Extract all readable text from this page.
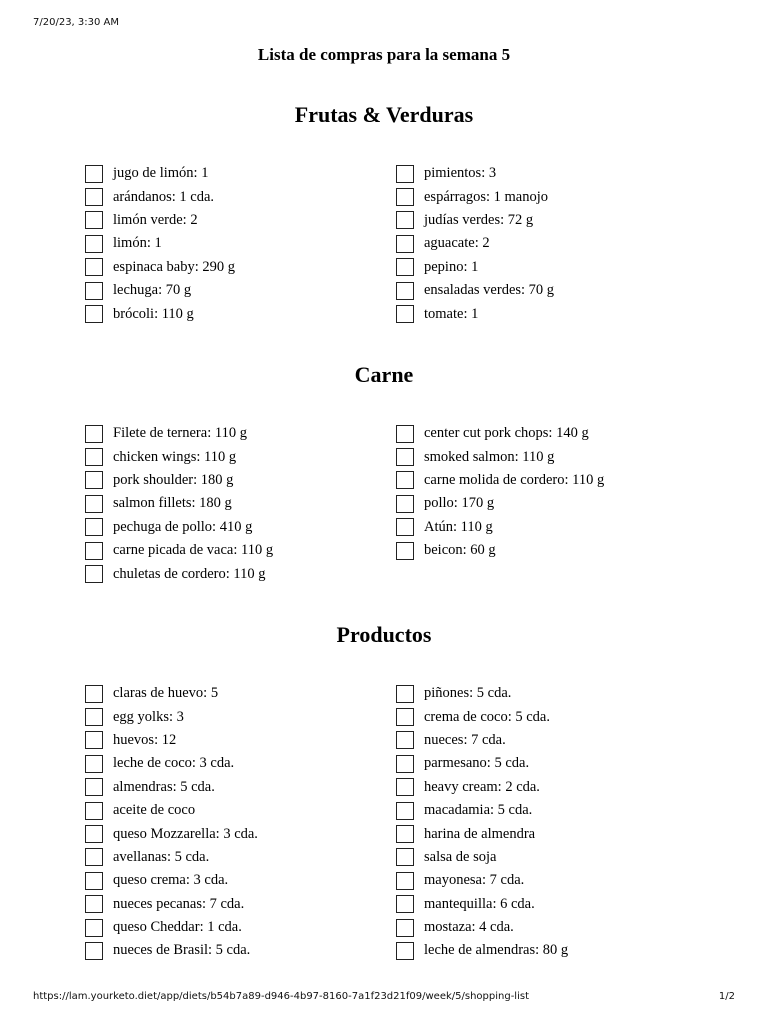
7/20/23, 3:30 AM
Lista de compras para la semana 5
Frutas & Verduras
jugo de limón: 1
arándanos: 1 cda.
limón verde: 2
limón: 1
espinaca baby: 290 g
lechuga: 70 g
brócoli: 110 g
pimientos: 3
espárragos: 1 manojo
judías verdes: 72 g
aguacate: 2
pepino: 1
ensaladas verdes: 70 g
tomate: 1
Carne
Filete de ternera: 110 g
chicken wings: 110 g
pork shoulder: 180 g
salmon fillets: 180 g
pechuga de pollo: 410 g
carne picada de vaca: 110 g
chuletas de cordero: 110 g
center cut pork chops: 140 g
smoked salmon: 110 g
carne molida de cordero: 110 g
pollo: 170 g
Atún: 110 g
beicon: 60 g
Productos
claras de huevo: 5
egg yolks: 3
huevos: 12
leche de coco: 3 cda.
almendras: 5 cda.
aceite de coco
queso Mozzarella: 3 cda.
avellanas: 5 cda.
queso crema: 3 cda.
nueces pecanas: 7 cda.
queso Cheddar: 1 cda.
nueces de Brasil: 5 cda.
piñones: 5 cda.
crema de coco: 5 cda.
nueces: 7 cda.
parmesano: 5 cda.
heavy cream: 2 cda.
macadamia: 5 cda.
harina de almendra
salsa de soja
mayonesa: 7 cda.
mantequilla: 6 cda.
mostaza: 4 cda.
leche de almendras: 80 g
https://lam.yourketo.diet/app/diets/b54b7a89-d946-4b97-8160-7a1f23d21f09/week/5/shopping-list	1/2
